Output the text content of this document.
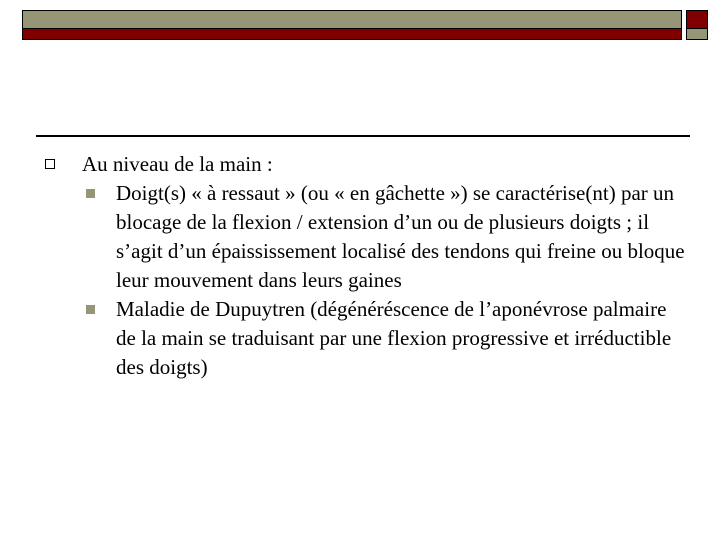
Au niveau de la main :
Doigt(s) « à ressaut » (ou « en gâchette ») se caractérise(nt) par un blocage de la flexion / extension d’un ou de plusieurs doigts ; il s’agit d’un épaississement localisé des tendons qui freine ou bloque leur mouvement dans leurs gaines
Maladie de Dupuytren (dégénéréscence de l’aponévrose palmaire de la main se traduisant par une flexion progressive et irréductible des doigts)
